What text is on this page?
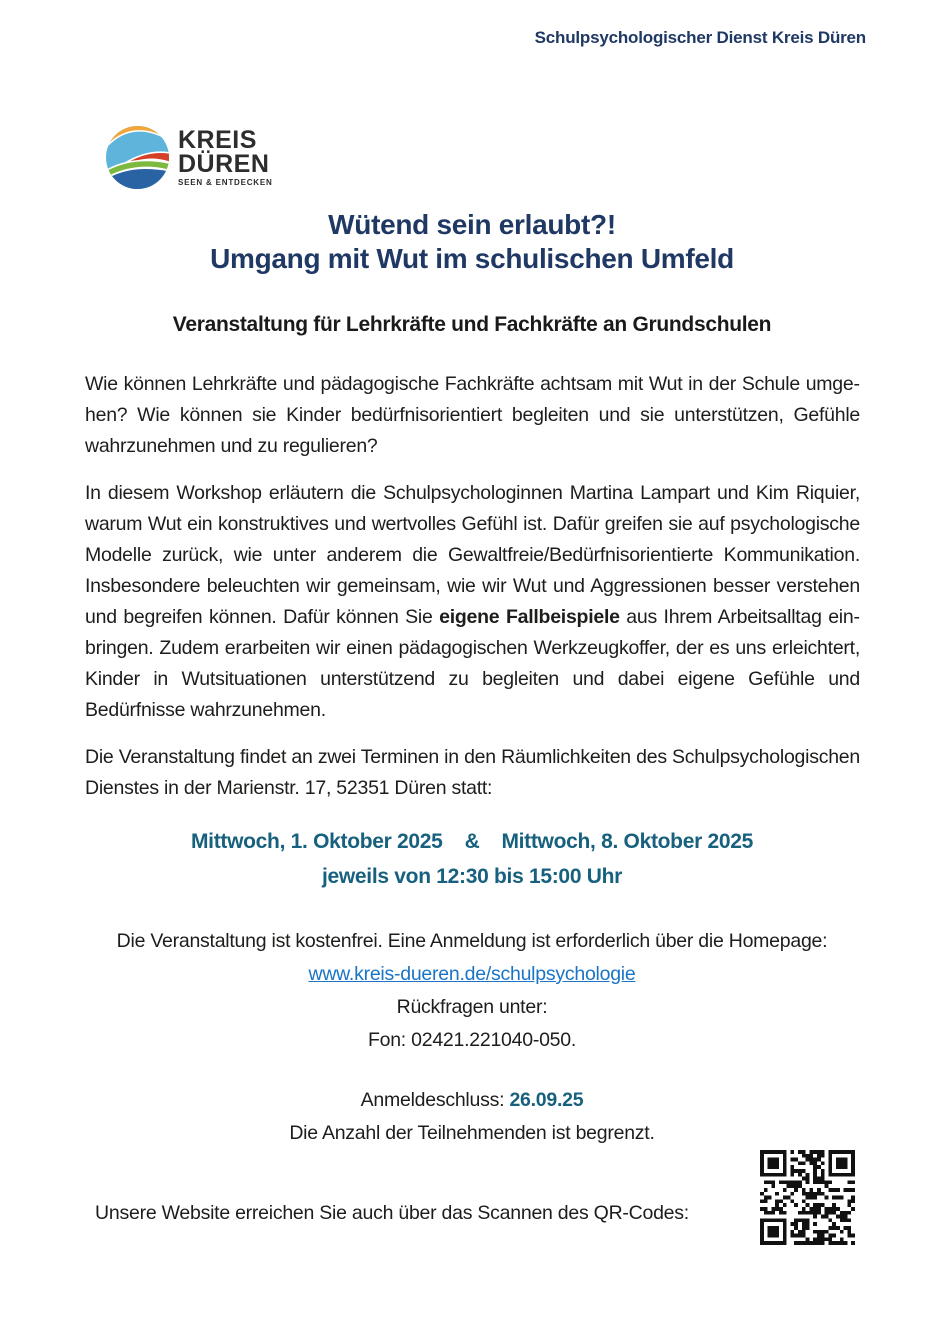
Schulpsychologischer Dienst Kreis Düren
KREIS
DÜREN
SEEN & ENTDECKEN
Wütend sein erlaubt?!
Umgang mit Wut im schulischen Umfeld
Veranstaltung für Lehrkräfte und Fachkräfte an Grundschulen
Wie können Lehrkräfte und pädagogische Fachkräfte achtsam mit Wut in der Schule umgehen? Wie können sie Kinder bedürfnisorientiert begleiten und sie unterstützen, Gefühle wahrzunehmen und zu regulieren?
In diesem Workshop erläutern die Schulpsychologinnen Martina Lampart und Kim Riquier, warum Wut ein konstruktives und wertvolles Gefühl ist. Dafür greifen sie auf psychologische Modelle zurück, wie unter anderem die Gewaltfreie/Bedürfnisorientierte Kommunikation. Insbesondere beleuchten wir gemeinsam, wie wir Wut und Aggressionen besser verstehen und begreifen können. Dafür können Sie eigene Fallbeispiele aus Ihrem Arbeitsalltag einbringen. Zudem erarbeiten wir einen pädagogischen Werkzeugkoffer, der es uns erleichtert, Kinder in Wutsituationen unterstützend zu begleiten und dabei eigene Gefühle und Bedürfnisse wahrzunehmen.
Die Veranstaltung findet an zwei Terminen in den Räumlichkeiten des Schulpsychologischen Dienstes in der Marienstr. 17, 52351 Düren statt:
Mittwoch, 1. Oktober 2025 & Mittwoch, 8. Oktober 2025
jeweils von 12:30 bis 15:00 Uhr
Die Veranstaltung ist kostenfrei. Eine Anmeldung ist erforderlich über die Homepage:
www.kreis-dueren.de/schulpsychologie
Rückfragen unter:
Fon: 02421.221040-050.
Anmeldeschluss: 26.09.25
Die Anzahl der Teilnehmenden ist begrenzt.
Unsere Website erreichen Sie auch über das Scannen des QR-Codes:
